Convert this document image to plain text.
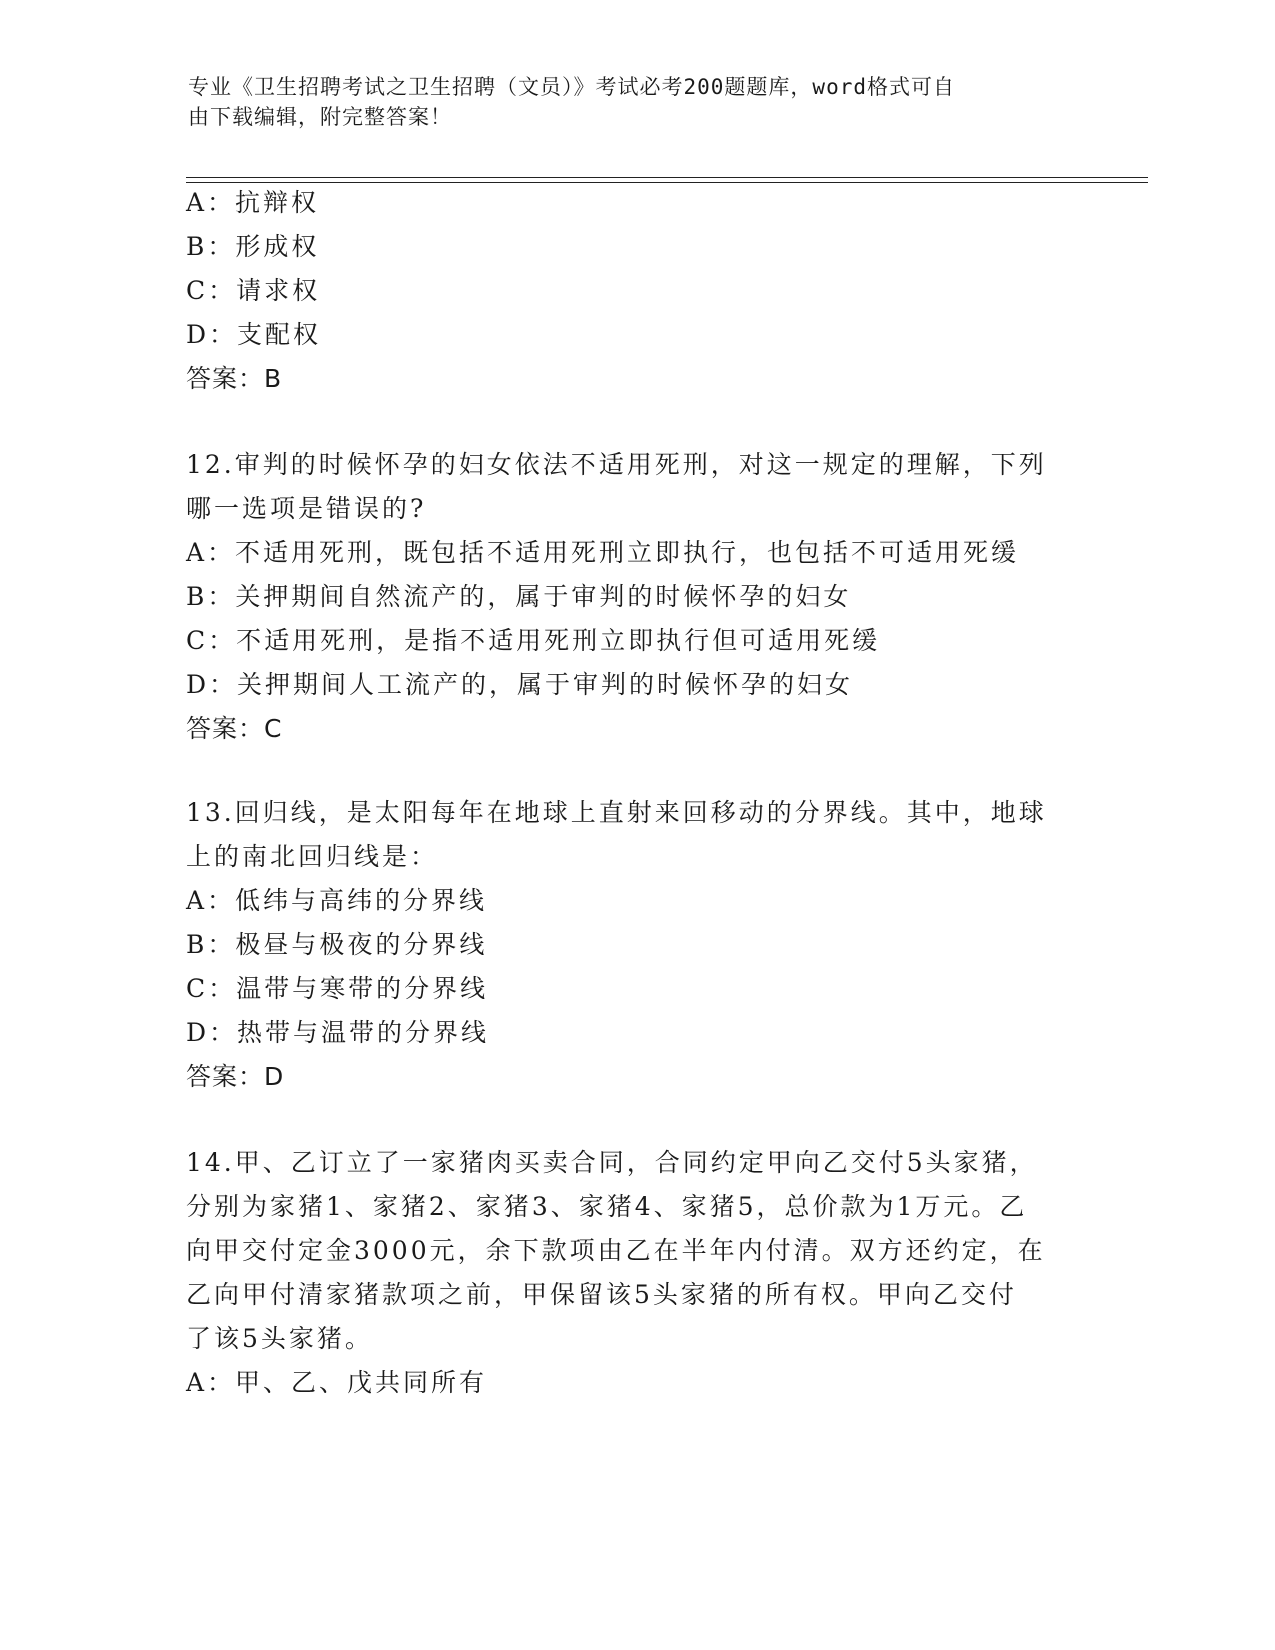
专业《卫生招聘考试之卫生招聘（文员）》考试必考200题题库，word格式可自
由下载编辑，附完整答案！
A：抗辩权
B：形成权
C：请求权
D：支配权
答案：B
12.审判的时候怀孕的妇女依法不适用死刑，对这一规定的理解，下列
哪一选项是错误的?
A：不适用死刑，既包括不适用死刑立即执行，也包括不可适用死缓
B：关押期间自然流产的，属于审判的时候怀孕的妇女
C：不适用死刑，是指不适用死刑立即执行但可适用死缓
D：关押期间人工流产的，属于审判的时候怀孕的妇女
答案：C
13.回归线，是太阳每年在地球上直射来回移动的分界线。其中，地球
上的南北回归线是：
A：低纬与高纬的分界线
B：极昼与极夜的分界线
C：温带与寒带的分界线
D：热带与温带的分界线
答案：D
14.甲、乙订立了一家猪肉买卖合同，合同约定甲向乙交付5头家猪，
分别为家猪1、家猪2、家猪3、家猪4、家猪5，总价款为1万元。乙
向甲交付定金3000元，余下款项由乙在半年内付清。双方还约定，在
乙向甲付清家猪款项之前，甲保留该5头家猪的所有权。甲向乙交付
了该5头家猪。
A：甲、乙、戊共同所有
